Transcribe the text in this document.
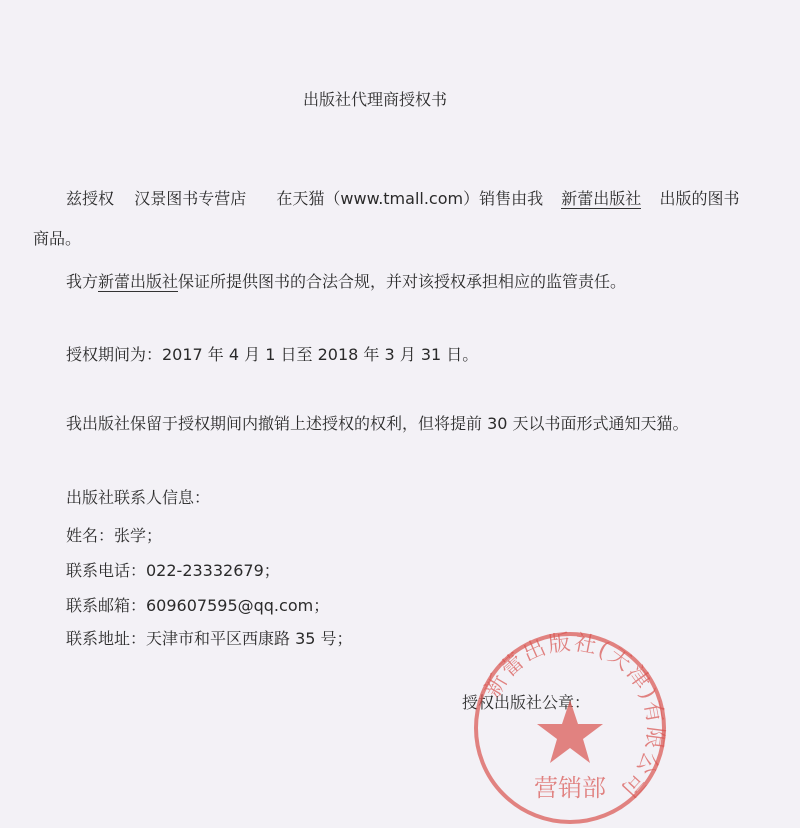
出版社代理商授权书
兹授权 汉景图书专营店 在天猫（www.tmall.com）销售由我 新蕾出版社 出版的图书
商品。
我方新蕾出版社保证所提供图书的合法合规，并对该授权承担相应的监管责任。
授权期间为：2017 年 4 月 1 日至 2018 年 3 月 31 日。
我出版社保留于授权期间内撤销上述授权的权利，但将提前 30 天以书面形式通知天猫。
出版社联系人信息：
姓名：张学；
联系电话：022-23332679；
联系邮箱：609607595@qq.com；
联系地址：天津市和平区西康路 35 号；
授权出版社公章：
新蕾出版社(天津)有限公司
营销部
